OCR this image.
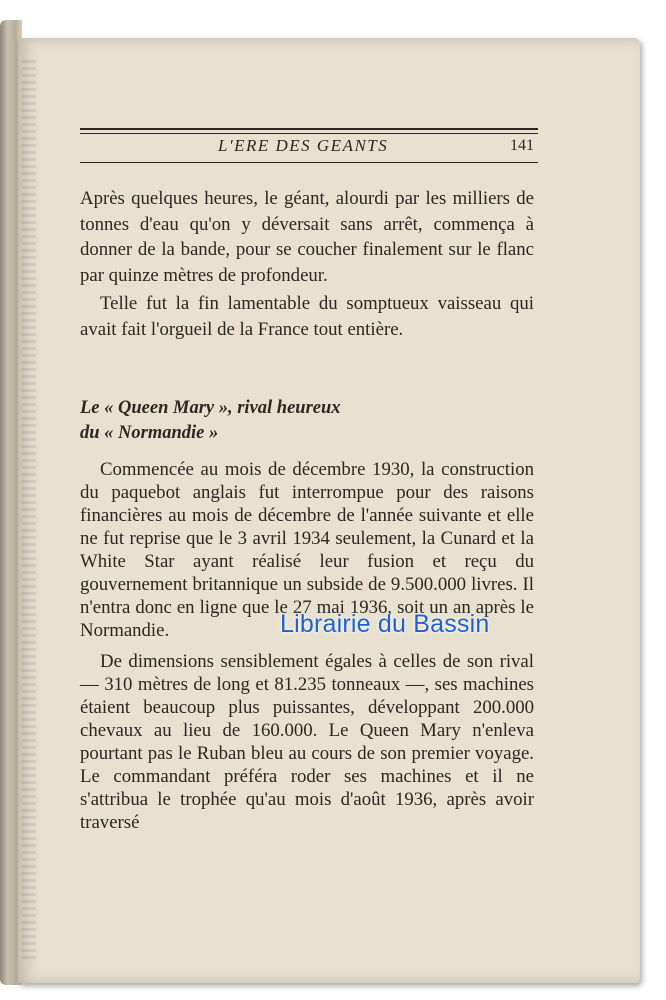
L'ERE DES GEANTS	141

Après quelques heures, le géant, alourdi par les milliers de tonnes d'eau qu'on y déversait sans arrêt, commença à donner de la bande, pour se coucher finalement sur le flanc par quinze mètres de profondeur.

Telle fut la fin lamentable du somptueux vaisseau qui avait fait l'orgueil de la France tout entière.

Le « Queen Mary », rival heureux
du « Normandie »

Commencée au mois de décembre 1930, la construction du paquebot anglais fut interrompue pour des raisons financières au mois de décembre de l'année suivante et elle ne fut reprise que le 3 avril 1934 seulement, la Cunard et la White Star ayant réalisé leur fusion et reçu du gouvernement britannique un subside de 9.500.000 livres. Il n'entra donc en ligne que le 27 mai 1936, soit un an après le Normandie.

De dimensions sensiblement égales à celles de son rival — 310 mètres de long et 81.235 tonneaux —, ses machines étaient beaucoup plus puissantes, développant 200.000 chevaux au lieu de 160.000. Le Queen Mary n'enleva pourtant pas le Ruban bleu au cours de son premier voyage. Le commandant préféra roder ses machines et il ne s'attribua le trophée qu'au mois d'août 1936, après avoir traversé

Librairie du Bassin
